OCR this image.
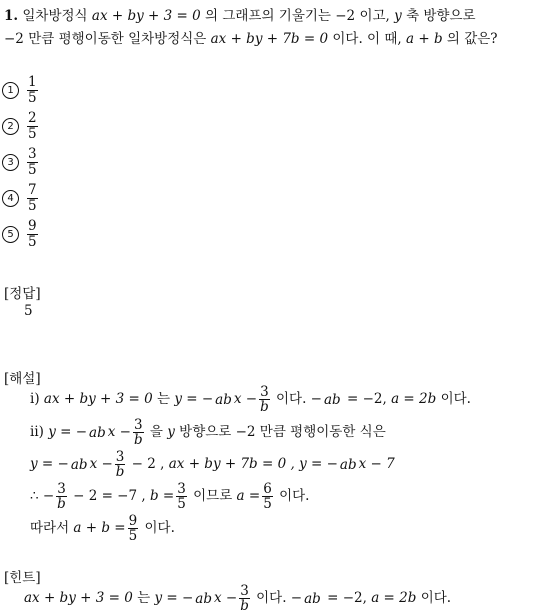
1. 일차방정식 ax + by + 3 = 0 의 그래프의 기울기는 −2 이고, y 축 방향으로
−2 만큼 평행이동한 일차방정식은 ax + by + 7b = 0 이다. 이 때, a + b 의 값은?
$1 \frac{1}{5}$
$2 \frac{2}{5}$
$3 \frac{3}{5}$
$4 \frac{7}{5}$
$5 \frac{9}{5}$
[정답]
5
[해설]
ⅰ) ax + by + 3 = 0 는 y = − ab $x - \frac{3}{b}$ 이다. − ab = −2, a = 2b 이다.
ⅱ) y = − ab $x - \frac{3}{b}$ 을 y 방향으로 −2 만큼 평행이동한 식은
y = − ab $x - \frac{3}{b} - 2$ , ax + by + 7b = 0 , y = − ab x − 7
∴ − $\frac{3}{b} - 2 = -7$ , $b = \frac{3}{5}$ 이므로 $a = \frac{6}{5}$ 이다.
따라서 $a + b = \frac{9}{5}$ 이다.
[힌트]
ax + by + 3 = 0 는 y = − ab $x - \frac{3}{b}$ 이다. − ab = −2, a = 2b 이다.
